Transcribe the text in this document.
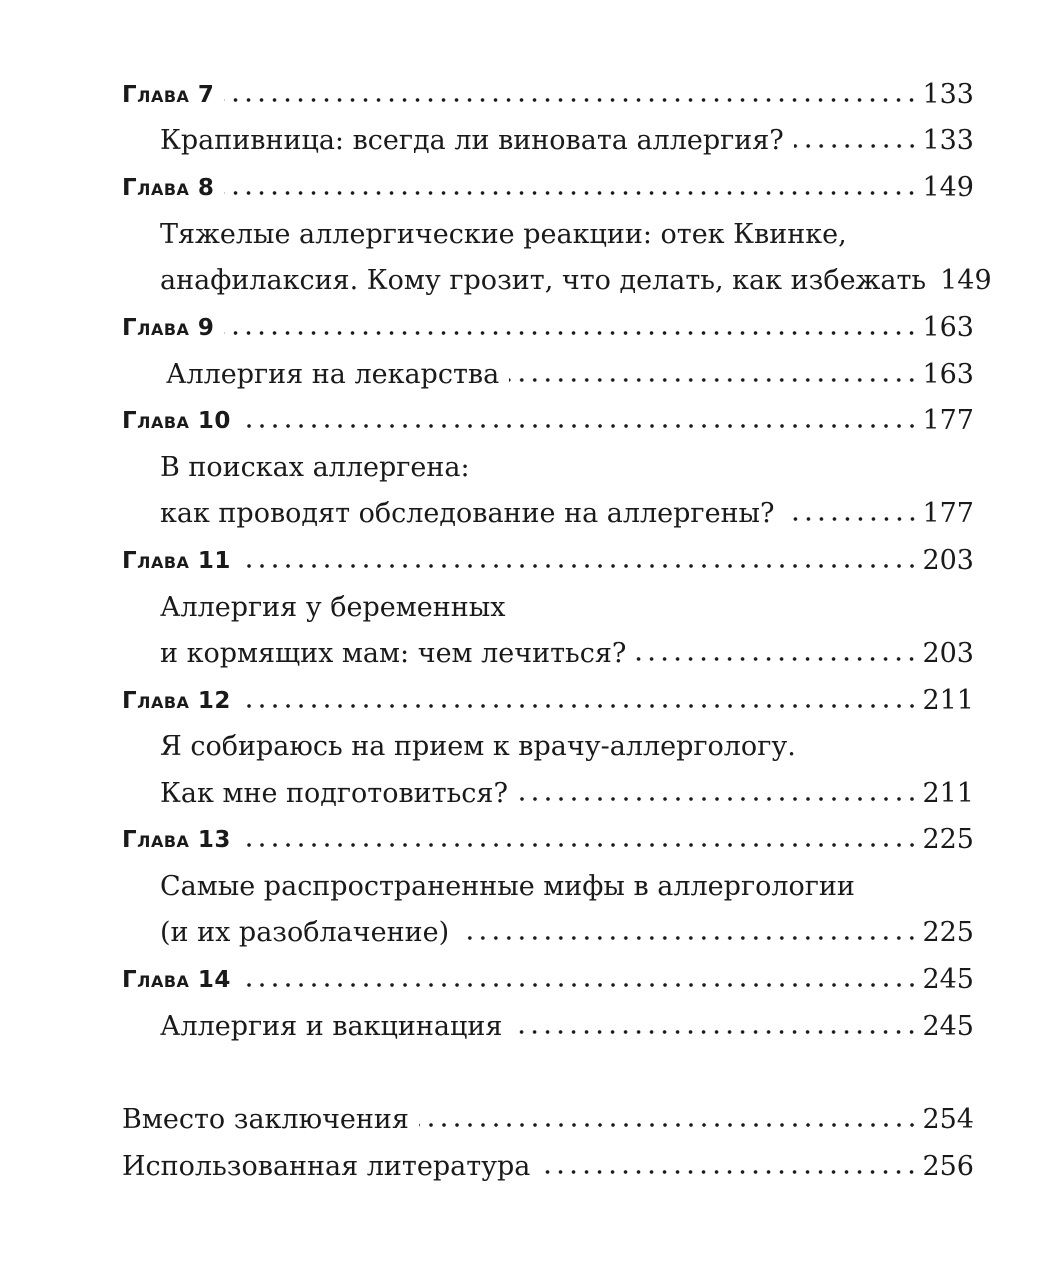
Глава 7	133
Крапивница: всегда ли виновата аллергия?	133
Глава 8	149
Тяжелые аллергические реакции: отек Квинке,
анафилаксия. Кому грозит, что делать, как избежать 149
Глава 9	163
Аллергия на лекарства	163
Глава 10	177
В поисках аллергена:
как проводят обследование на аллергены?	177
Глава 11	203
Аллергия у беременных
и кормящих мам: чем лечиться?	203
Глава 12	211
Я собираюсь на прием к врачу-аллергологу.
Как мне подготовиться?	211
Глава 13	225
Самые распространенные мифы в аллергологии
(и их разоблачение)	225
Глава 14	245
Аллергия и вакцинация	245
Вместо заключения	254
Использованная литература	256
